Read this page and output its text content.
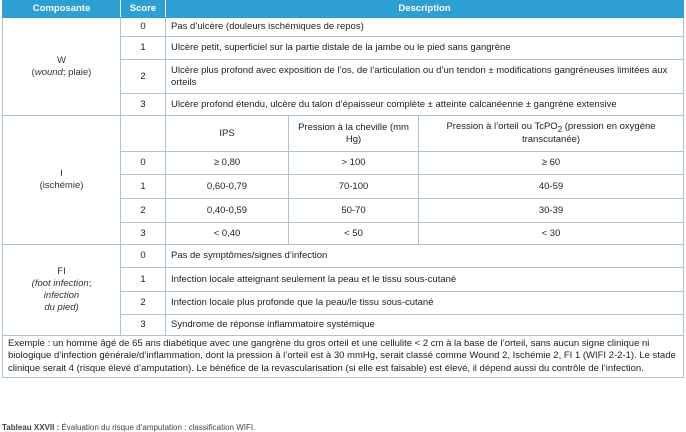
Composante	Score	Description		
W
(wound; plaie)	0	Pas d’ulcère (douleurs ischémiques de repos)		
	1	Ulcère petit, superficiel sur la partie distale de la jambe ou le pied sans gangrène		
	2	Ulcère plus profond avec exposition de l’os, de l’articulation ou d’un tendon ± modifications gangréneuses limitées aux orteils		
	3	Ulcère profond étendu, ulcère du talon d’épaisseur complète ± atteinte calcanéenne ± gangrène extensive		
I
(ischémie)		IPS	Pression à la cheville (mm Hg)	Pression à l’orteil ou TcPO$_2$ (pression en oxygène transcutanée)
	0	≥ 0,80	> 100	≥ 60
	1	0,60-0,79	70-100	40-59
	2	0,40-0,59	50-70	30-39
	3	< 0,40	< 50	< 30
FI
(foot infection;
infection
du pied)	0	Pas de symptômes/signes d’infection		
	1	Infection locale atteignant seulement la peau et le tissu sous-cutané		
	2	Infection locale plus profonde que la peau/le tissu sous-cutané		
	3	Syndrome de réponse inflammatoire systémique		
Exemple : un homme âgé de 65 ans diabétique avec une gangrène du gros orteil et une cellulite < 2 cm à la base de l’orteil, sans aucun signe clinique ni biologique d’infection générale/d’inflammation, dont la pression à l’orteil est à 30 mmHg, serait classé comme Wound 2, Ischémie 2, FI 1 (WIFI 2-2-1). Le stade clinique serait 4 (risque élevé d’amputation). Le bénéfice de la revascularisation (si elle est faisable) est élevé, il dépend aussi du contrôle de l’infection.				
Tableau XXVII : Évaluation du risque d’amputation : classification WIFI.
